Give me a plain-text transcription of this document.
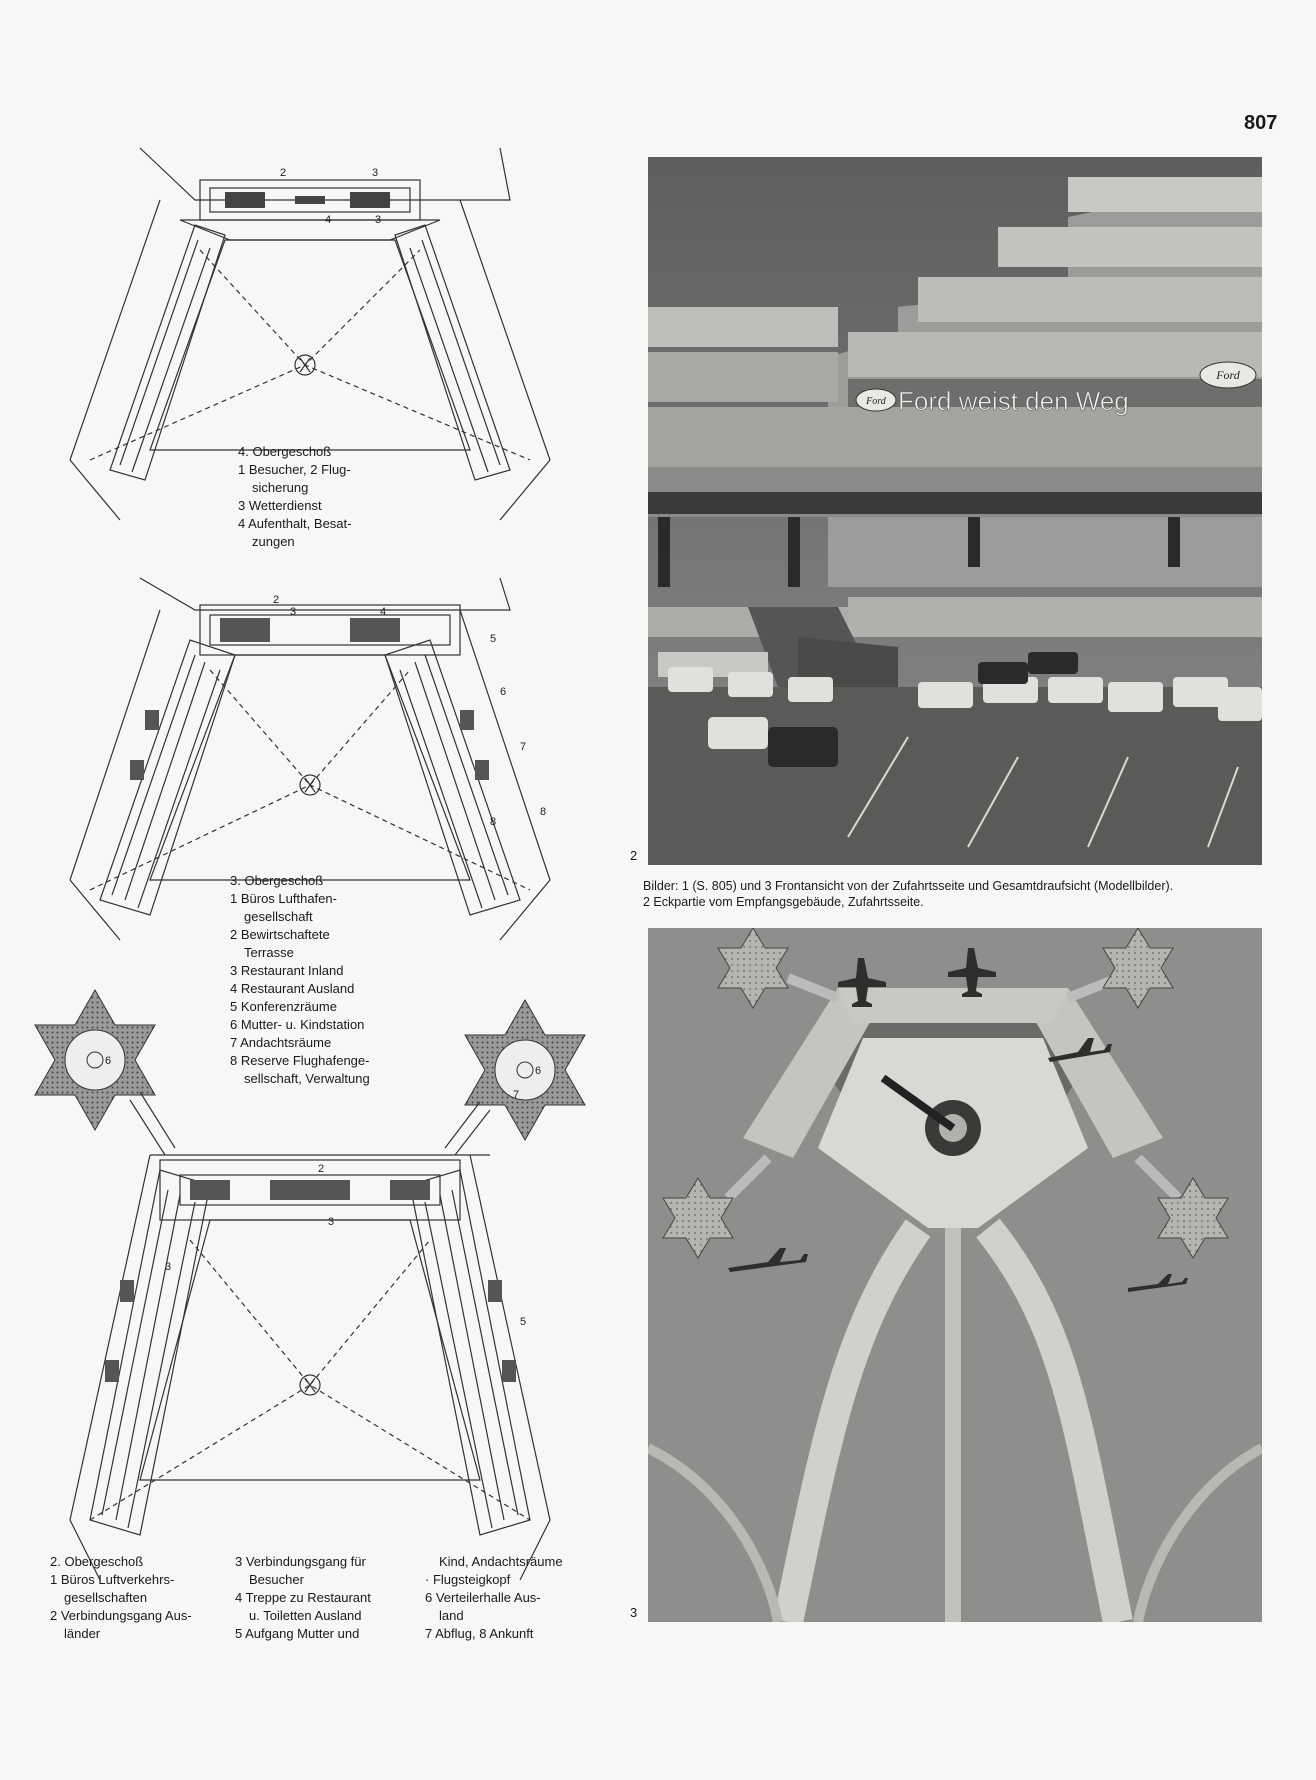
807
2	3
4	3
4. Obergeschoß
1 Besucher, 2 Flug-
sicherung
3 Wetterdienst
4 Aufenthalt, Besat-
zungen
2
3	4
5
6
7
8
8
3. Obergeschoß
1 Büros Lufthafen-
gesellschaft
2 Bewirtschaftete
Terrasse
3 Restaurant Inland
4 Restaurant Ausland
5 Konferenzräume
6 Mutter- u. Kindstation
7 Andachtsräume
8 Reserve Flughafenge-
sellschaft, Verwaltung
2
3
3
5
6
6
7
2. Obergeschoß
1 Büros Luftverkehrs-
gesellschaften
2 Verbindungsgang Aus-
länder
3 Verbindungsgang für
Besucher
4 Treppe zu Restaurant
u. Toiletten Ausland
5 Aufgang Mutter und
Kind, Andachtsräume
· Flugsteigkopf
6 Verteilerhalle Aus-
land
7 Abflug, 8 Ankunft
2
Ford Ford weist den Weg
Ford
Bilder: 1 (S. 805) und 3 Frontansicht von der Zufahrtsseite und Gesamtdraufsicht (Modellbilder).
2 Eckpartie vom Empfangsgebäude, Zufahrtsseite.
3
